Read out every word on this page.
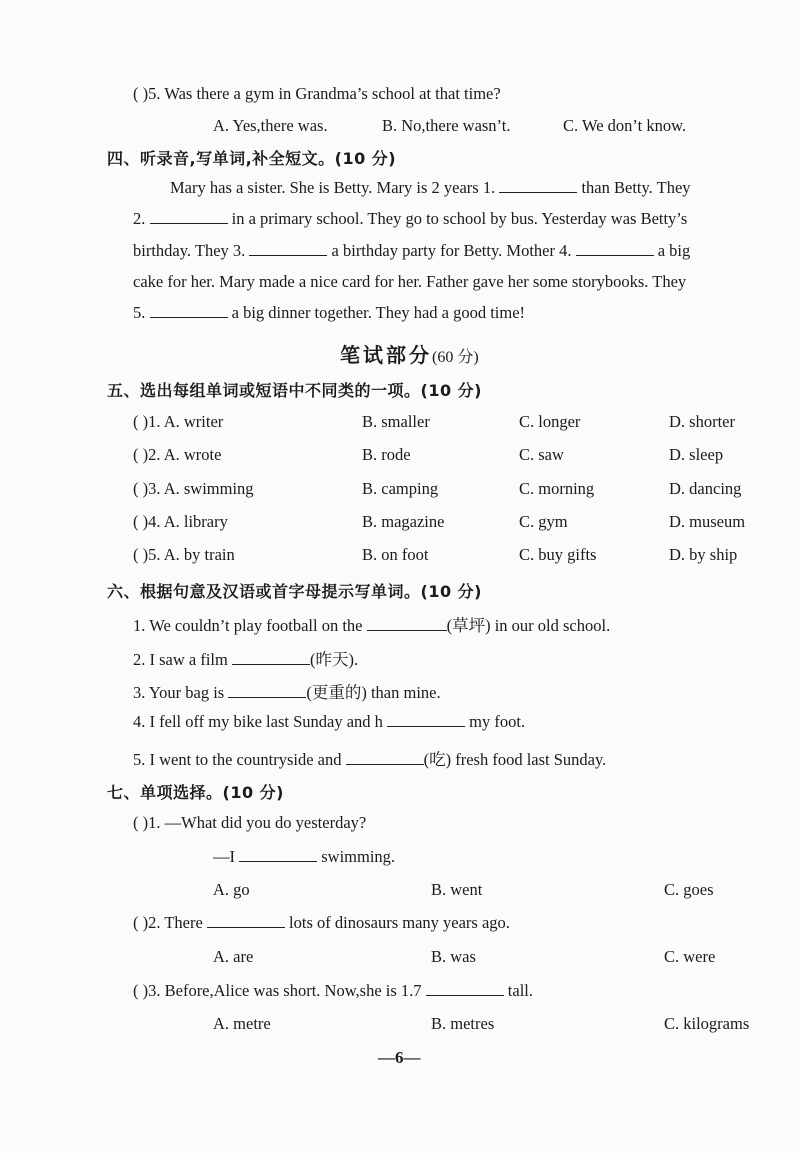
( )5. Was there a gym in Grandma’s school at that time?
A. Yes,there was.	B. No,there wasn’t.	C. We don’t know.
四、听录音,写单词,补全短文。(10 分)
Mary has a sister. She is Betty. Mary is 2 years 1.	than Betty. They
2.	in a primary school. They go to school by bus. Yesterday was Betty’s
birthday. They 3.	a birthday party for Betty. Mother 4.	a big
cake for her. Mary made a nice card for her. Father gave her some storybooks. They
5.	a big dinner together. They had a good time!
笔试部分(60 分)
五、选出每组单词或短语中不同类的一项。(10 分)
( )1. A. writer	B. smaller	C. longer	D. shorter
( )2. A. wrote	B. rode	C. saw	D. sleep
( )3. A. swimming	B. camping	C. morning	D. dancing
( )4. A. library	B. magazine	C. gym	D. museum
( )5. A. by train	B. on foot	C. buy gifts	D. by ship
六、根据句意及汉语或首字母提示写单词。(10 分)
1. We couldn’t play football on the	(草坪) in our old school.
2. I saw a film	(昨天).
3. Your bag is	(更重的) than mine.
4. I fell off my bike last Sunday and h	my foot.
5. I went to the countryside and	(吃) fresh food last Sunday.
七、单项选择。(10 分)
( )1. —What did you do yesterday?
—I	swimming.
A. go	B. went	C. goes
( )2. There	lots of dinosaurs many years ago.
A. are	B. was	C. were
( )3. Before,Alice was short. Now,she is 1.7	tall.
A. metre	B. metres	C. kilograms
—6—
